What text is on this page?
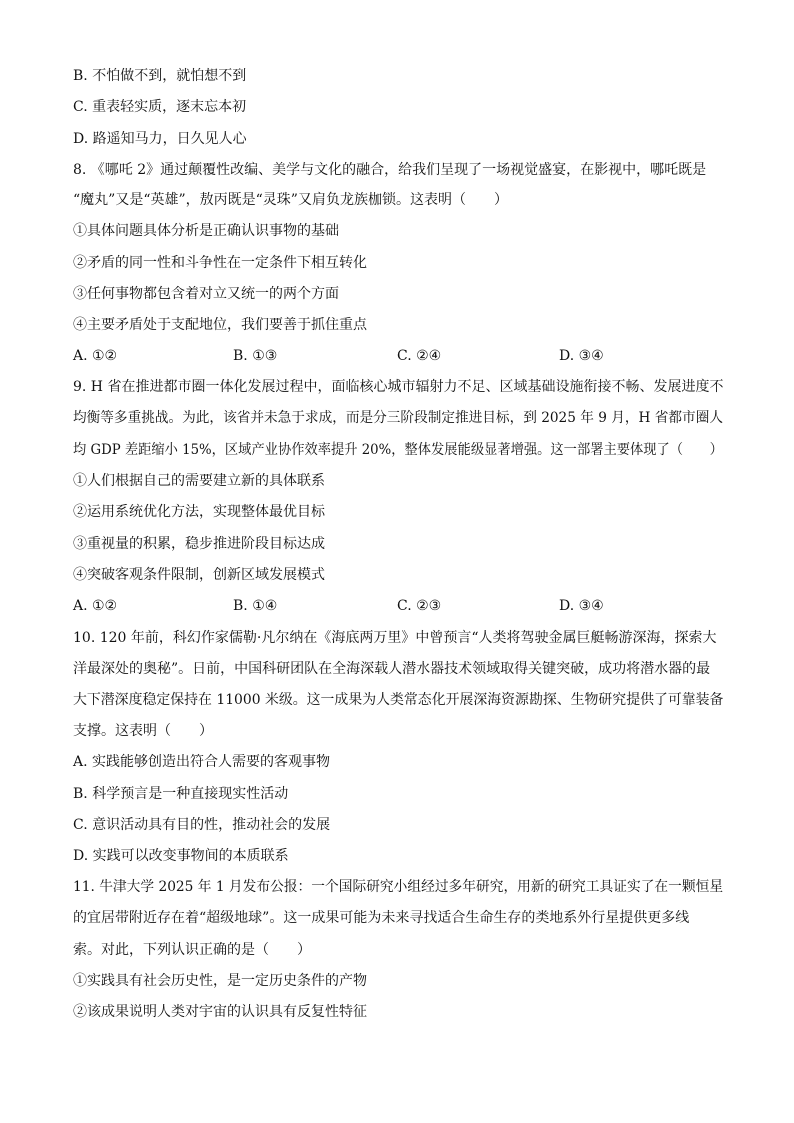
B. 不怕做不到，就怕想不到
C. 重表轻实质，逐末忘本初
D. 路遥知马力，日久见人心
8. 《哪吒 2》通过颠覆性改编、美学与文化的融合，给我们呈现了一场视觉盛宴，在影视中，哪吒既是
“魔丸”又是“英雄”，敖丙既是“灵珠”又肩负龙族枷锁。这表明（　　）
①具体问题具体分析是正确认识事物的基础
②矛盾的同一性和斗争性在一定条件下相互转化
③任何事物都包含着对立又统一的两个方面
④主要矛盾处于支配地位，我们要善于抓住重点
A. ①②	B. ①③	C. ②④	D. ③④
9. H 省在推进都市圈一体化发展过程中，面临核心城市辐射力不足、区域基础设施衔接不畅、发展进度不
均衡等多重挑战。为此，该省并未急于求成，而是分三阶段制定推进目标，到 2025 年 9 月，H 省都市圈人
均 GDP 差距缩小 15%，区域产业协作效率提升 20%，整体发展能级显著增强。这一部署主要体现了（　　）
①人们根据自己的需要建立新的具体联系
②运用系统优化方法，实现整体最优目标
③重视量的积累，稳步推进阶段目标达成
④突破客观条件限制，创新区域发展模式
A. ①②	B. ①④	C. ②③	D. ③④
10. 120 年前，科幻作家儒勒·凡尔纳在《海底两万里》中曾预言“人类将驾驶金属巨艇畅游深海，探索大
洋最深处的奥秘”。日前，中国科研团队在全海深载人潜水器技术领域取得关键突破，成功将潜水器的最
大下潜深度稳定保持在 11000 米级。这一成果为人类常态化开展深海资源勘探、生物研究提供了可靠装备
支撑。这表明（　　）
A. 实践能够创造出符合人需要的客观事物
B. 科学预言是一种直接现实性活动
C. 意识活动具有目的性，推动社会的发展
D. 实践可以改变事物间的本质联系
11. 牛津大学 2025 年 1 月发布公报：一个国际研究小组经过多年研究，用新的研究工具证实了在一颗恒星
的宜居带附近存在着“超级地球”。这一成果可能为未来寻找适合生命生存的类地系外行星提供更多线
索。对此，下列认识正确的是（　　）
①实践具有社会历史性，是一定历史条件的产物
②该成果说明人类对宇宙的认识具有反复性特征
